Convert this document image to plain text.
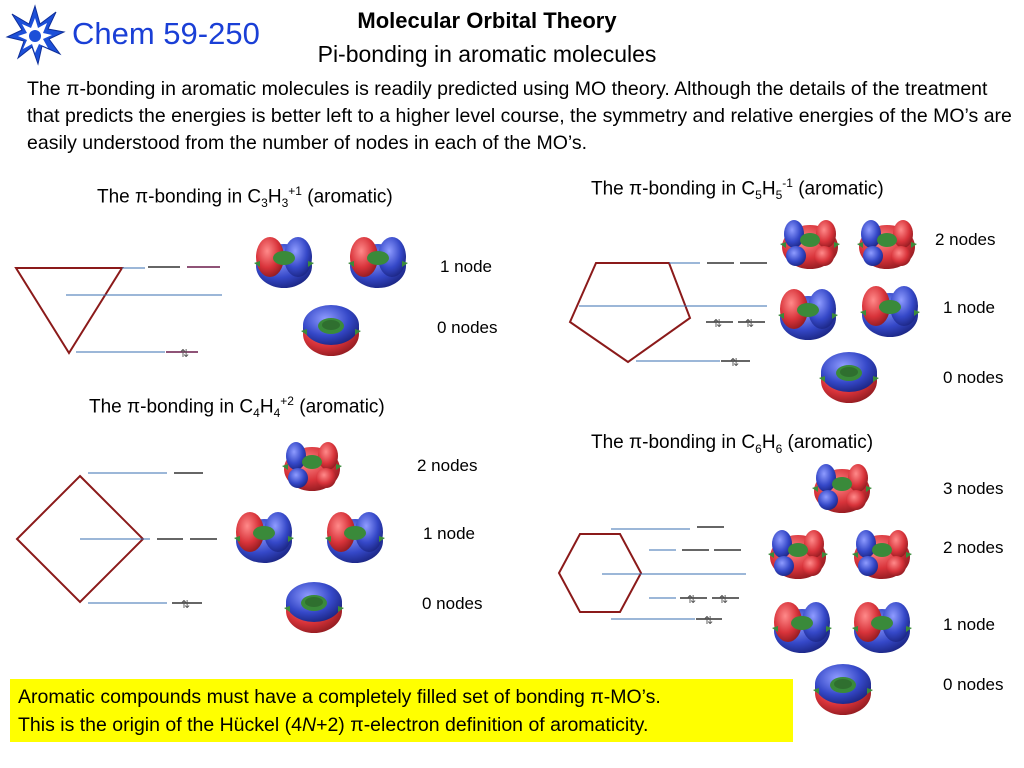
Chem 59-250	Molecular Orbital Theory
Pi-bonding in aromatic molecules
The π-bonding in aromatic molecules is readily predicted using MO theory. Although the details of the treatment that predicts the energies is better left to a higher level course, the symmetry and relative energies of the MO’s are easily understood from the number of nodes in each of the MO’s.
The π-bonding in $C_3H_3^{+1}$ (aromatic)	The π-bonding in $C_5H_5^{-1}$ (aromatic)
The π-bonding in $C_4H_4^{+2}$ (aromatic)
The π-bonding in $C_6H_6$ (aromatic)
1 node
0 nodes
2 nodes
1 node
0 nodes
2 nodes
1 node
0 nodes
3 nodes
2 nodes
1 node
0 nodes
⇅
⇅ ⇅
⇅
⇅	⇅ ⇅
⇅
Aromatic compounds must have a completely filled set of bonding π-MO’s.
This is the origin of the Hückel (4N+2) π-electron definition of aromaticity.
